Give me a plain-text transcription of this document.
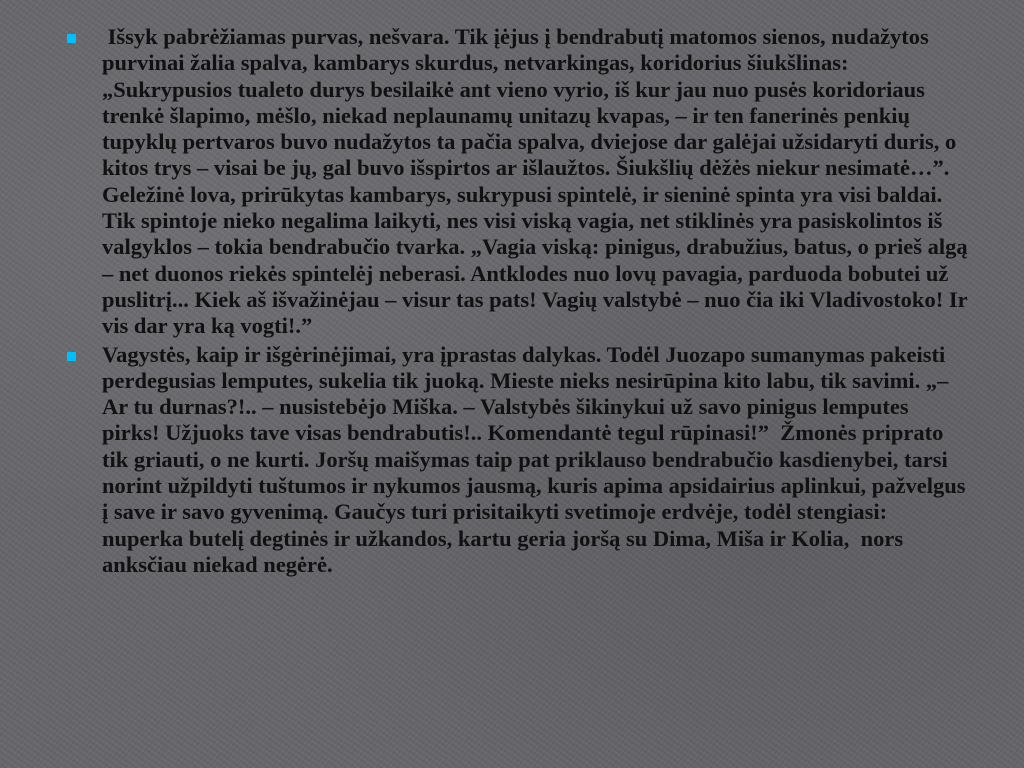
Išsyk pabrėžiamas purvas, nešvara. Tik įėjus į bendrabutį matomos sienos, nudažytos purvinai žalia spalva, kambarys skurdus, netvarkingas, koridorius šiukšlinas: „Sukrypusios tualeto durys besilaikė ant vieno vyrio, iš kur jau nuo pusės koridoriaus trenkė šlapimo, mėšlo, niekad neplaunamų unitazų kvapas, – ir ten fanerinės penkių tupyklų pertvaros buvo nudažytos ta pačia spalva, dviejose dar galėjai užsidaryti duris, o kitos trys – visai be jų, gal buvo išspirtos ar išlaužtos. Šiukšlių dėžės niekur nesimatė…”. Geležinė lova, prirūkytas kambarys, sukrypusi spintelė, ir sieninė spinta yra visi baldai. Tik spintoje nieko negalima laikyti, nes visi viską vagia, net stiklinės yra pasiskolintos iš valgyklos – tokia bendrabučio tvarka. „Vagia viską: pinigus, drabužius, batus, o prieš algą – net duonos riekės spintelėj neberasi. Antklodes nuo lovų pavagia, parduoda bobutei už puslitrį... Kiek aš išvažinėjau – visur tas pats! Vagių valstybė – nuo čia iki Vladivostoko! Ir vis dar yra ką vogti!.”
Vagystės, kaip ir išgėrinėjimai, yra įprastas dalykas. Todėl Juozapo sumanymas pakeisti perdegusias lemputes, sukelia tik juoką. Mieste nieks nesirūpina kito labu, tik savimi. „– Ar tu durnas?!.. – nusistebėjo Miška. – Valstybės šikinykui už savo pinigus lemputes pirks! Užjuoks tave visas bendrabutis!.. Komendantė tegul rūpinasi!”  Žmonės priprato tik griauti, o ne kurti. Joršų maišymas taip pat priklauso bendrabučio kasdienybei, tarsi norint užpildyti tuštumos ir nykumos jausmą, kuris apima apsidairius aplinkui, pažvelgus į save ir savo gyvenimą. Gaučys turi prisitaikyti svetimoje erdvėje, todėl stengiasi: nuperka butelį degtinės ir užkandos, kartu geria joršą su Dima, Miša ir Kolia,  nors anksčiau niekad negėrė.
